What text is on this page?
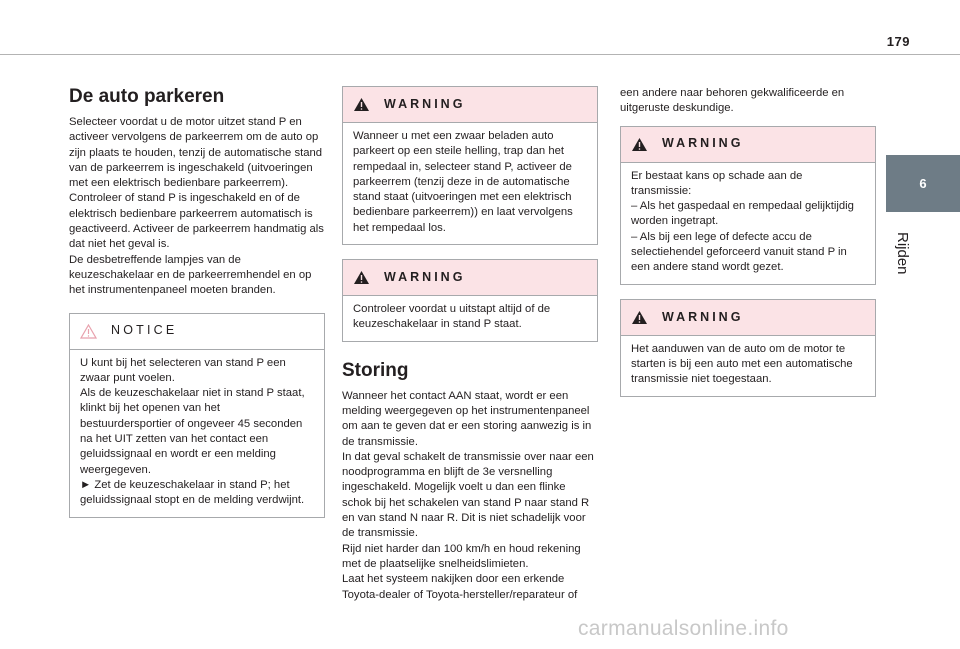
179
6
Rijden
De auto parkeren

Selecteer voordat u de motor uitzet stand P en activeer vervolgens de parkeerrem om de auto op zijn plaats te houden, tenzij de automatische stand van de parkeerrem is ingeschakeld (uitvoeringen met een elektrisch bedienbare parkeerrem).
Controleer of stand P is ingeschakeld en of de elektrisch bedienbare parkeerrem automatisch is geactiveerd. Activeer de parkeerrem handmatig als dat niet het geval is.
De desbetreffende lampjes van de keuzeschakelaar en de parkeerremhendel en op het instrumentenpaneel moeten branden.

NOTICE
U kunt bij het selecteren van stand P een zwaar punt voelen.
Als de keuzeschakelaar niet in stand P staat, klinkt bij het openen van het bestuurdersportier of ongeveer 45 seconden na het UIT zetten van het contact een geluidssignaal en wordt er een melding weergegeven.
► Zet de keuzeschakelaar in stand P; het geluidssignaal stopt en de melding verdwijnt.
WARNING
Wanneer u met een zwaar beladen auto parkeert op een steile helling, trap dan het rempedaal in, selecteer stand P, activeer de parkeerrem (tenzij deze in de automatische stand staat (uitvoeringen met een elektrisch bedienbare parkeerrem)) en laat vervolgens het rempedaal los.
WARNING
Controleer voordat u uitstapt altijd of de keuzeschakelaar in stand P staat.
Storing

Wanneer het contact AAN staat, wordt er een melding weergegeven op het instrumentenpaneel om aan te geven dat er een storing aanwezig is in de transmissie.
In dat geval schakelt de transmissie over naar een noodprogramma en blijft de 3e versnelling ingeschakeld. Mogelijk voelt u dan een flinke schok bij het schakelen van stand P naar stand R en van stand N naar R. Dit is niet schadelijk voor de transmissie.
Rijd niet harder dan 100 km/h en houd rekening met de plaatselijke snelheidslimieten.
Laat het systeem nakijken door een erkende Toyota-dealer of Toyota-hersteller/reparateur of

een andere naar behoren gekwalificeerde en uitgeruste deskundige.

WARNING
Er bestaat kans op schade aan de transmissie:
– Als het gaspedaal en rempedaal gelijktijdig worden ingetrapt.
– Als bij een lege of defecte accu de selectiehendel geforceerd vanuit stand P in een andere stand wordt gezet.
WARNING
Het aanduwen van de auto om de motor te starten is bij een auto met een automatische transmissie niet toegestaan.
carmanualsonline.info
